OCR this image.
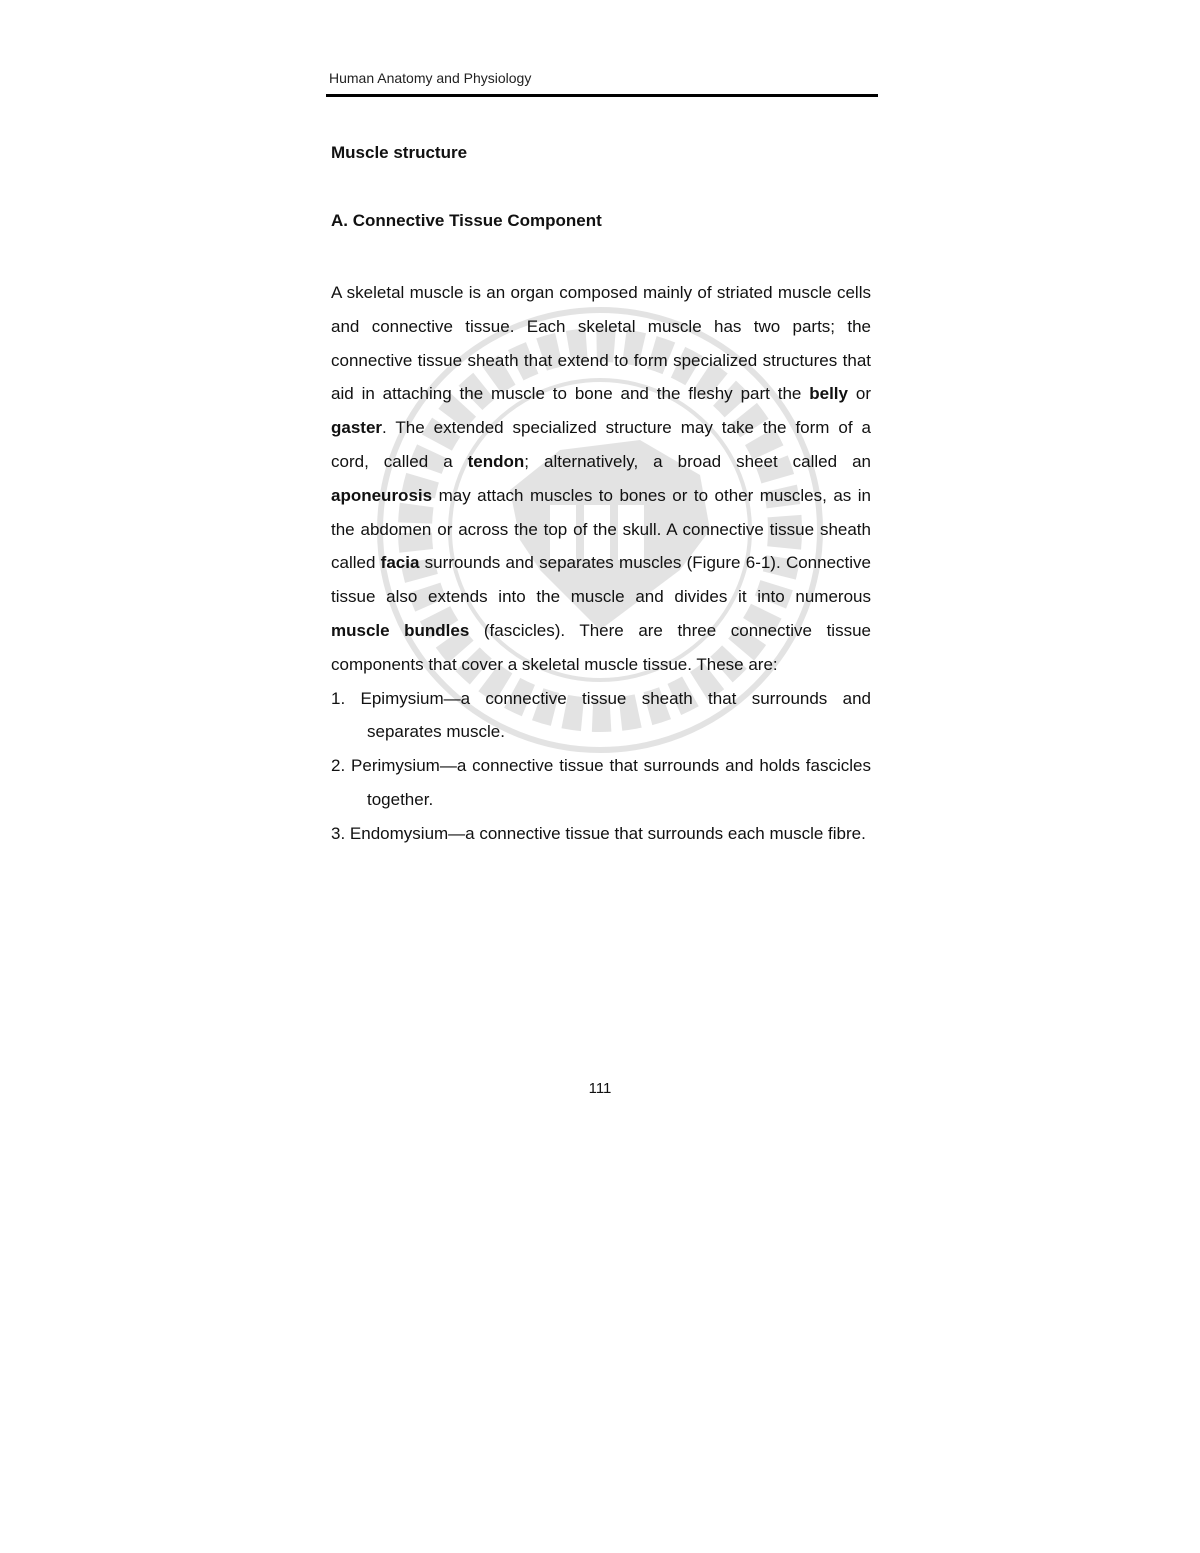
Human Anatomy and Physiology
Muscle structure
A. Connective Tissue Component

A skeletal muscle is an organ composed mainly of striated muscle cells and connective tissue. Each skeletal muscle has two parts; the connective tissue sheath that extend to form specialized structures that aid in attaching the muscle to bone and the fleshy part the belly or gaster. The extended specialized structure may take the form of a cord, called a tendon; alternatively, a broad sheet called an aponeurosis may attach muscles to bones or to other muscles, as in the abdomen or across the top of the skull. A connective tissue sheath called facia surrounds and separates muscles (Figure 6-1). Connective tissue also extends into the muscle and divides it into numerous muscle bundles (fascicles). There are three connective tissue components that cover a skeletal muscle tissue. These are:

1. Epimysium—a connective tissue sheath that surrounds and separates muscle.
2. Perimysium—a connective tissue that surrounds and holds fascicles together.
3. Endomysium—a connective tissue that surrounds each muscle fibre.
111
